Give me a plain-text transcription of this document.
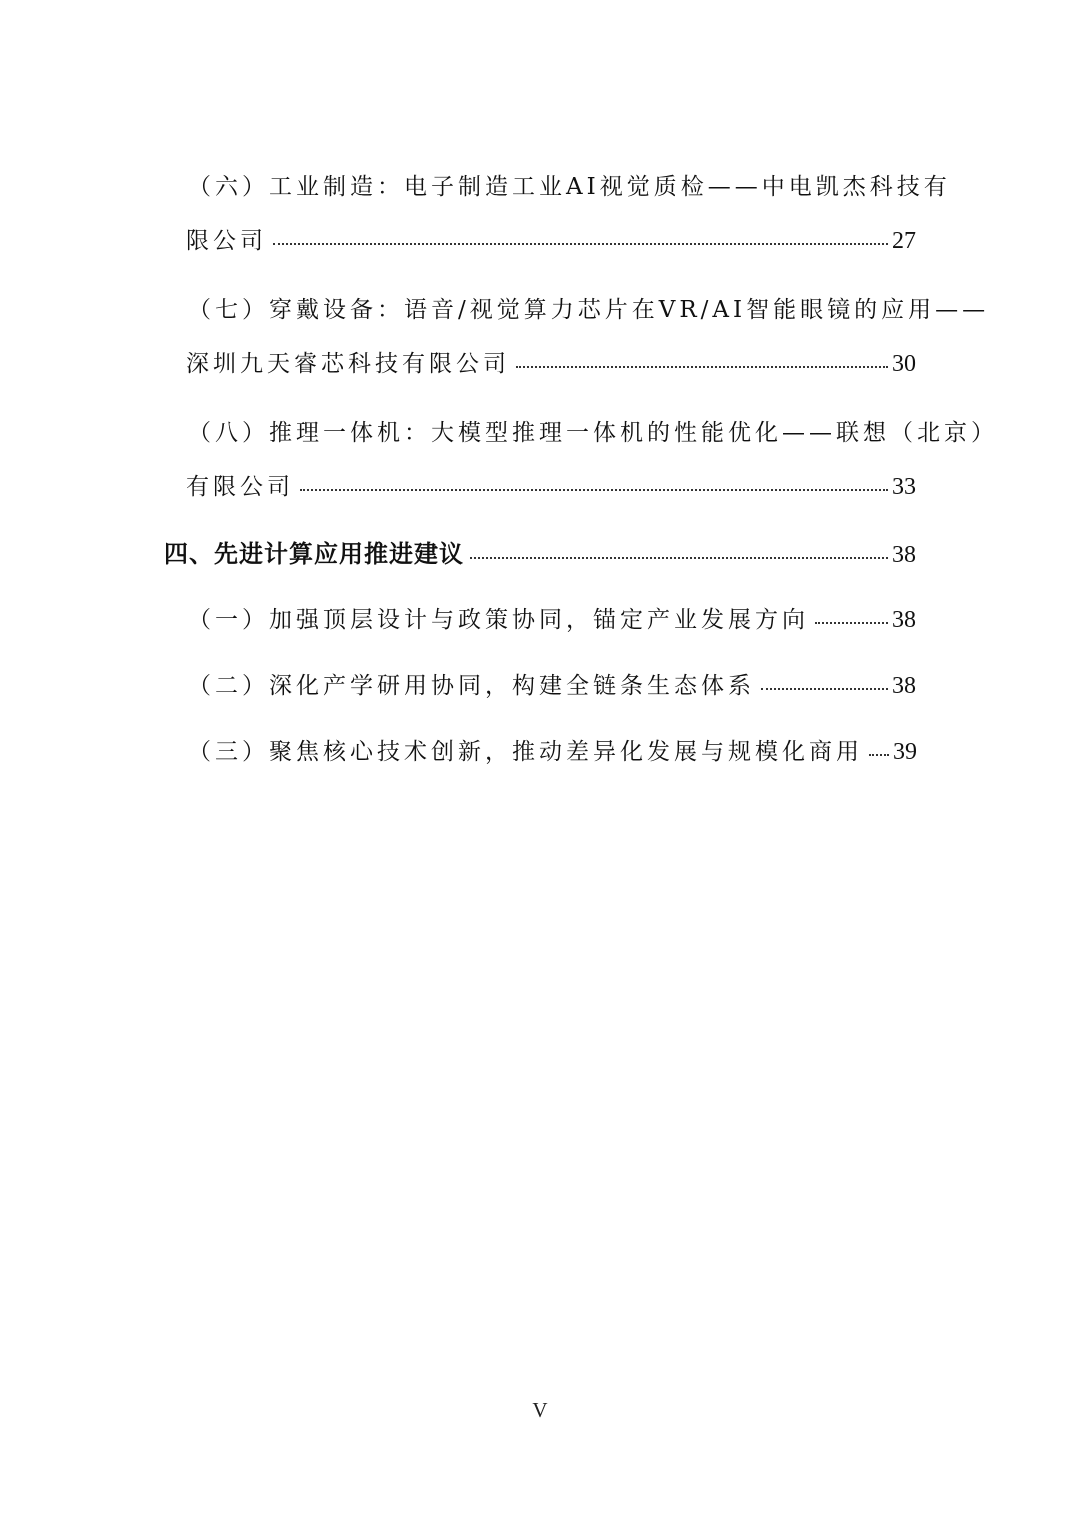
（六）工业制造：电子制造工业AI视觉质检——中电凯杰科技有
限公司	27
（七）穿戴设备：语音/视觉算力芯片在VR/AI智能眼镜的应用——
深圳九天睿芯科技有限公司	30
（八）推理一体机：大模型推理一体机的性能优化——联想（北京）
有限公司	33
四、先进计算应用推进建议	38
（一）加强顶层设计与政策协同，锚定产业发展方向	38
（二）深化产学研用协同，构建全链条生态体系	38
（三）聚焦核心技术创新，推动差异化发展与规模化商用 39
V
